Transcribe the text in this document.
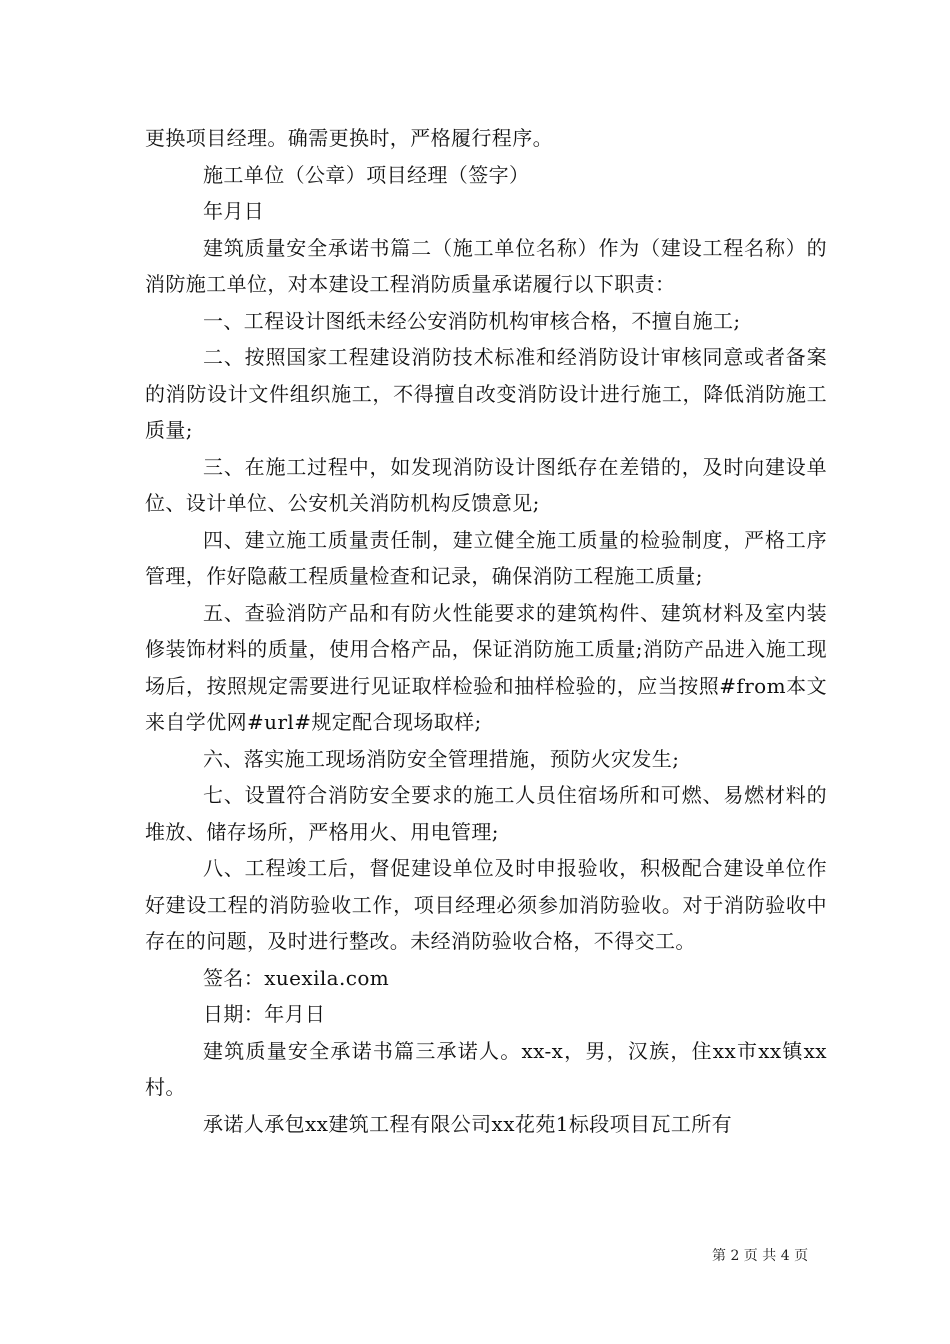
更换项目经理。确需更换时，严格履行程序。

施工单位（公章）项目经理（签字）

年月日

建筑质量安全承诺书篇二（施工单位名称）作为（建设工程名称）的消防施工单位，对本建设工程消防质量承诺履行以下职责：

一、工程设计图纸未经公安消防机构审核合格，不擅自施工;

二、按照国家工程建设消防技术标准和经消防设计审核同意或者备案的消防设计文件组织施工，不得擅自改变消防设计进行施工，降低消防施工质量;

三、在施工过程中，如发现消防设计图纸存在差错的，及时向建设单位、设计单位、公安机关消防机构反馈意见;

四、建立施工质量责任制，建立健全施工质量的检验制度，严格工序管理，作好隐蔽工程质量检查和记录，确保消防工程施工质量;

五、查验消防产品和有防火性能要求的建筑构件、建筑材料及室内装修装饰材料的质量，使用合格产品，保证消防施工质量;消防产品进入施工现场后，按照规定需要进行见证取样检验和抽样检验的，应当按照#from本文来自学优网#url#规定配合现场取样;

六、落实施工现场消防安全管理措施，预防火灾发生;

七、设置符合消防安全要求的施工人员住宿场所和可燃、易燃材料的堆放、储存场所，严格用火、用电管理;

八、工程竣工后，督促建设单位及时申报验收，积极配合建设单位作好建设工程的消防验收工作，项目经理必须参加消防验收。对于消防验收中存在的问题，及时进行整改。未经消防验收合格，不得交工。

签名：xuexila.com

日期：年月日

建筑质量安全承诺书篇三承诺人。xx-x，男，汉族，住xx市xx镇xx村。

承诺人承包xx建筑工程有限公司xx花苑1标段项目瓦工所有

第 2 页 共 4 页
